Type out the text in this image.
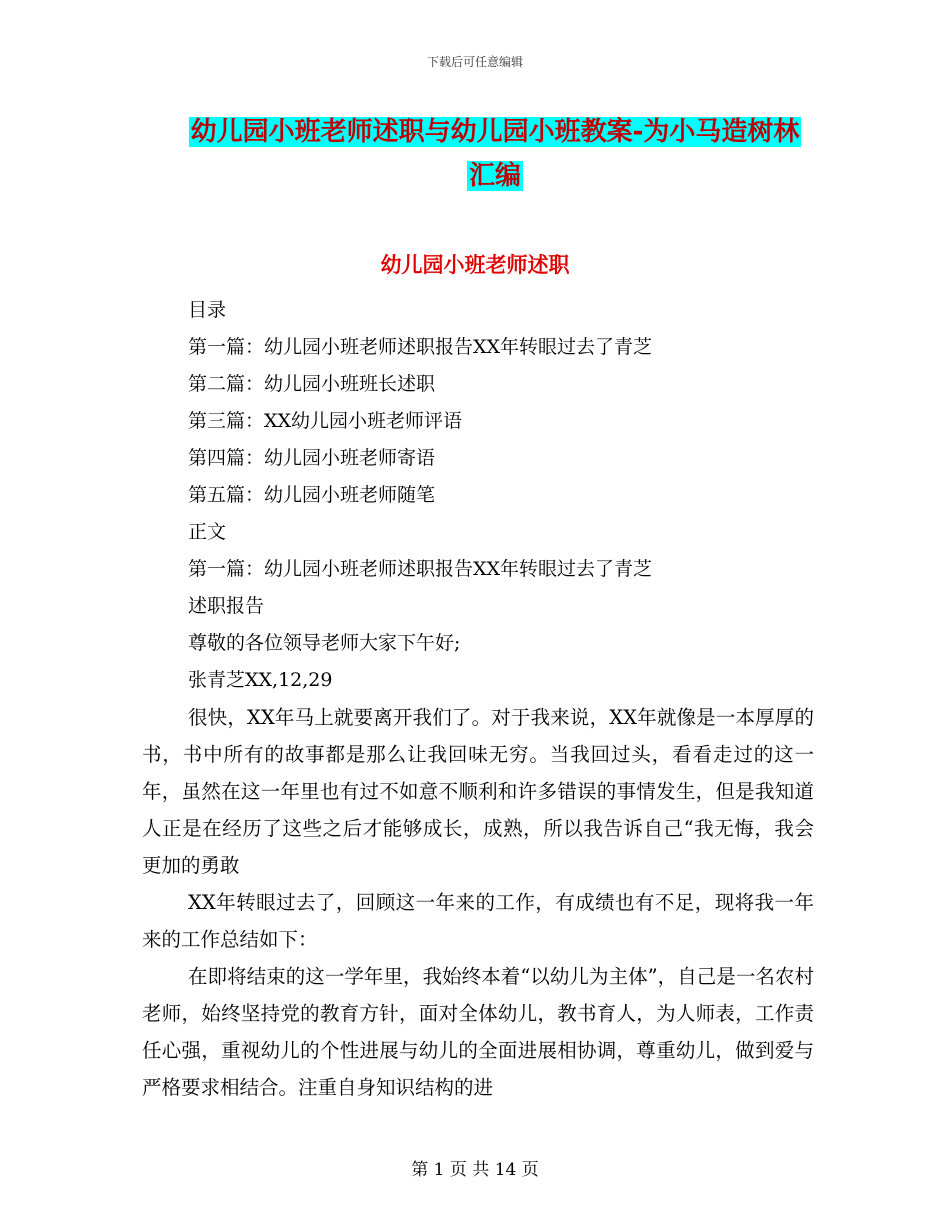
下载后可任意编辑
幼儿园小班老师述职与幼儿园小班教案-为小马造树林
汇编
幼儿园小班老师述职
目录
第一篇：幼儿园小班老师述职报告XX年转眼过去了青芝
第二篇：幼儿园小班班长述职
第三篇：XX幼儿园小班老师评语
第四篇：幼儿园小班老师寄语
第五篇：幼儿园小班老师随笔
正文
第一篇：幼儿园小班老师述职报告XX年转眼过去了青芝
述职报告
尊敬的各位领导老师大家下午好;
张青芝XX,12,29

很快，XX年马上就要离开我们了。对于我来说，XX年就像是一本厚厚的书，书中所有的故事都是那么让我回味无穷。当我回过头，看看走过的这一年，虽然在这一年里也有过不如意不顺利和许多错误的事情发生，但是我知道人正是在经历了这些之后才能够成长，成熟，所以我告诉自己“我无悔，我会更加的勇敢

XX年转眼过去了，回顾这一年来的工作，有成绩也有不足，现将我一年来的工作总结如下：

在即将结束的这一学年里，我始终本着“以幼儿为主体”，自己是一名农村老师，始终坚持党的教育方针，面对全体幼儿，教书育人，为人师表，工作责任心强，重视幼儿的个性进展与幼儿的全面进展相协调，尊重幼儿，做到爱与严格要求相结合。注重自身知识结构的进

第 1 页 共 14 页
